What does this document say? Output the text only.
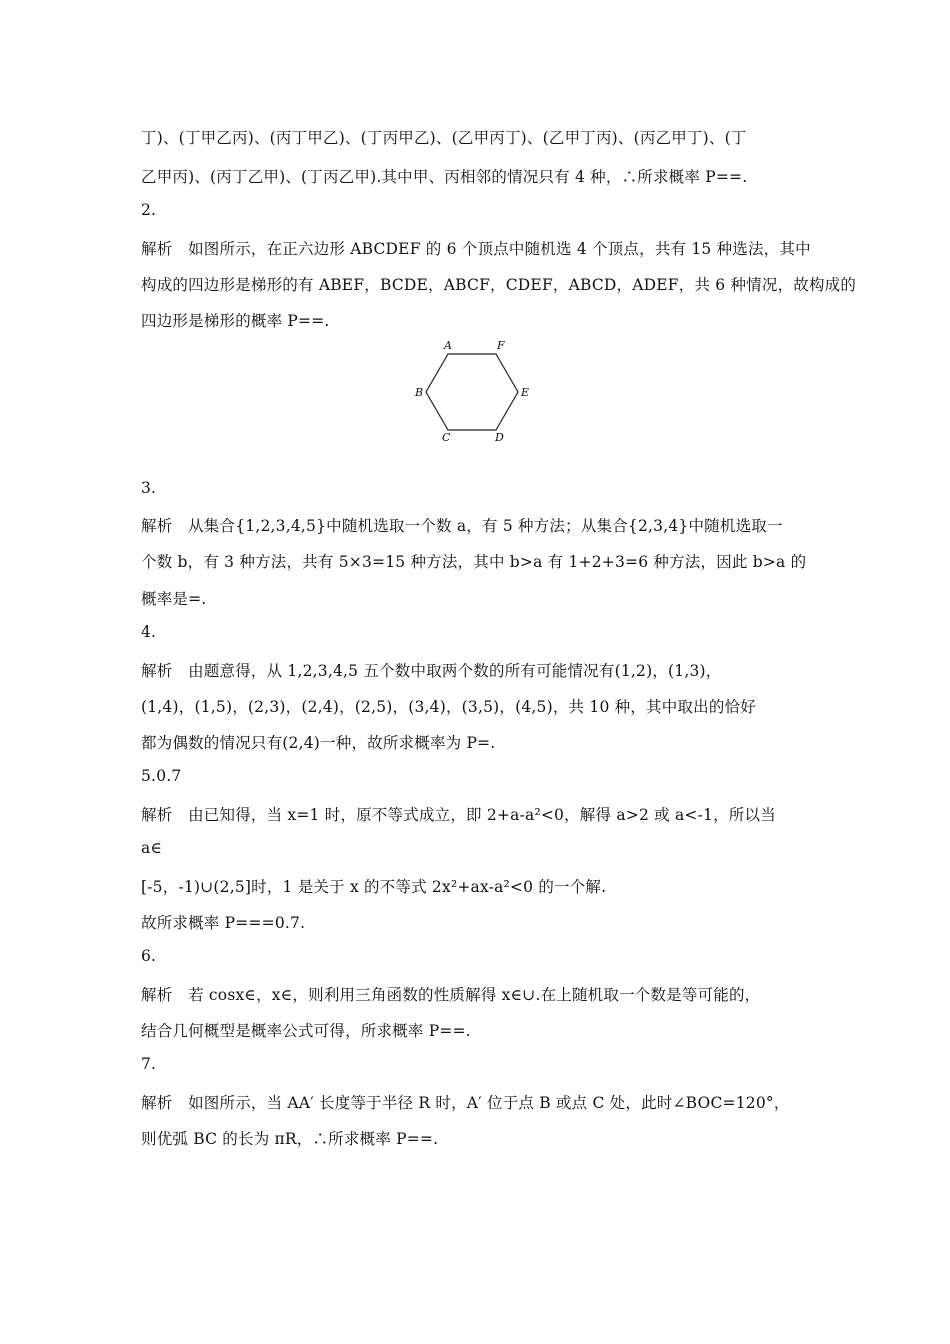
丁)、(丁甲乙丙)、(丙丁甲乙)、(丁丙甲乙)、(乙甲丙丁)、(乙甲丁丙)、(丙乙甲丁)、(丁
乙甲丙)、(丙丁乙甲)、(丁丙乙甲).其中甲、丙相邻的情况只有 4 种，∴所求概率 P==.
2.
解析　如图所示，在正六边形 ABCDEF 的 6 个顶点中随机选 4 个顶点，共有 15 种选法，其中
构成的四边形是梯形的有 ABEF，BCDE，ABCF，CDEF，ABCD，ADEF，共 6 种情况，故构成的
四边形是梯形的概率 P==.
A	F
B	E
C	D
3.
解析　从集合{1,2,3,4,5}中随机选取一个数 a，有 5 种方法；从集合{2,3,4}中随机选取一
个数 b，有 3 种方法，共有 5×3=15 种方法，其中 b>a 有 1+2+3=6 种方法，因此 b>a 的
概率是=.
4.
解析　由题意得，从 1,2,3,4,5 五个数中取两个数的所有可能情况有(1,2)，(1,3)，
(1,4)，(1,5)，(2,3)，(2,4)，(2,5)，(3,4)，(3,5)，(4,5)，共 10 种，其中取出的恰好
都为偶数的情况只有(2,4)一种，故所求概率为 P=.
5.0.7
解析　由已知得，当 x=1 时，原不等式成立，即 2+a-a²<0，解得 a>2 或 a<-1，所以当
a∈
[-5，-1)∪(2,5]时，1 是关于 x 的不等式 2x²+ax-a²<0 的一个解.
故所求概率 P===0.7.
6.
解析　若 cosx∈，x∈，则利用三角函数的性质解得 x∈∪.在上随机取一个数是等可能的，
结合几何概型是概率公式可得，所求概率 P==.
7.
解析　如图所示，当 AA′ 长度等于半径 R 时，A′ 位于点 B 或点 C 处，此时∠BOC=120°，
则优弧 BC 的长为 πR，∴所求概率 P==.
